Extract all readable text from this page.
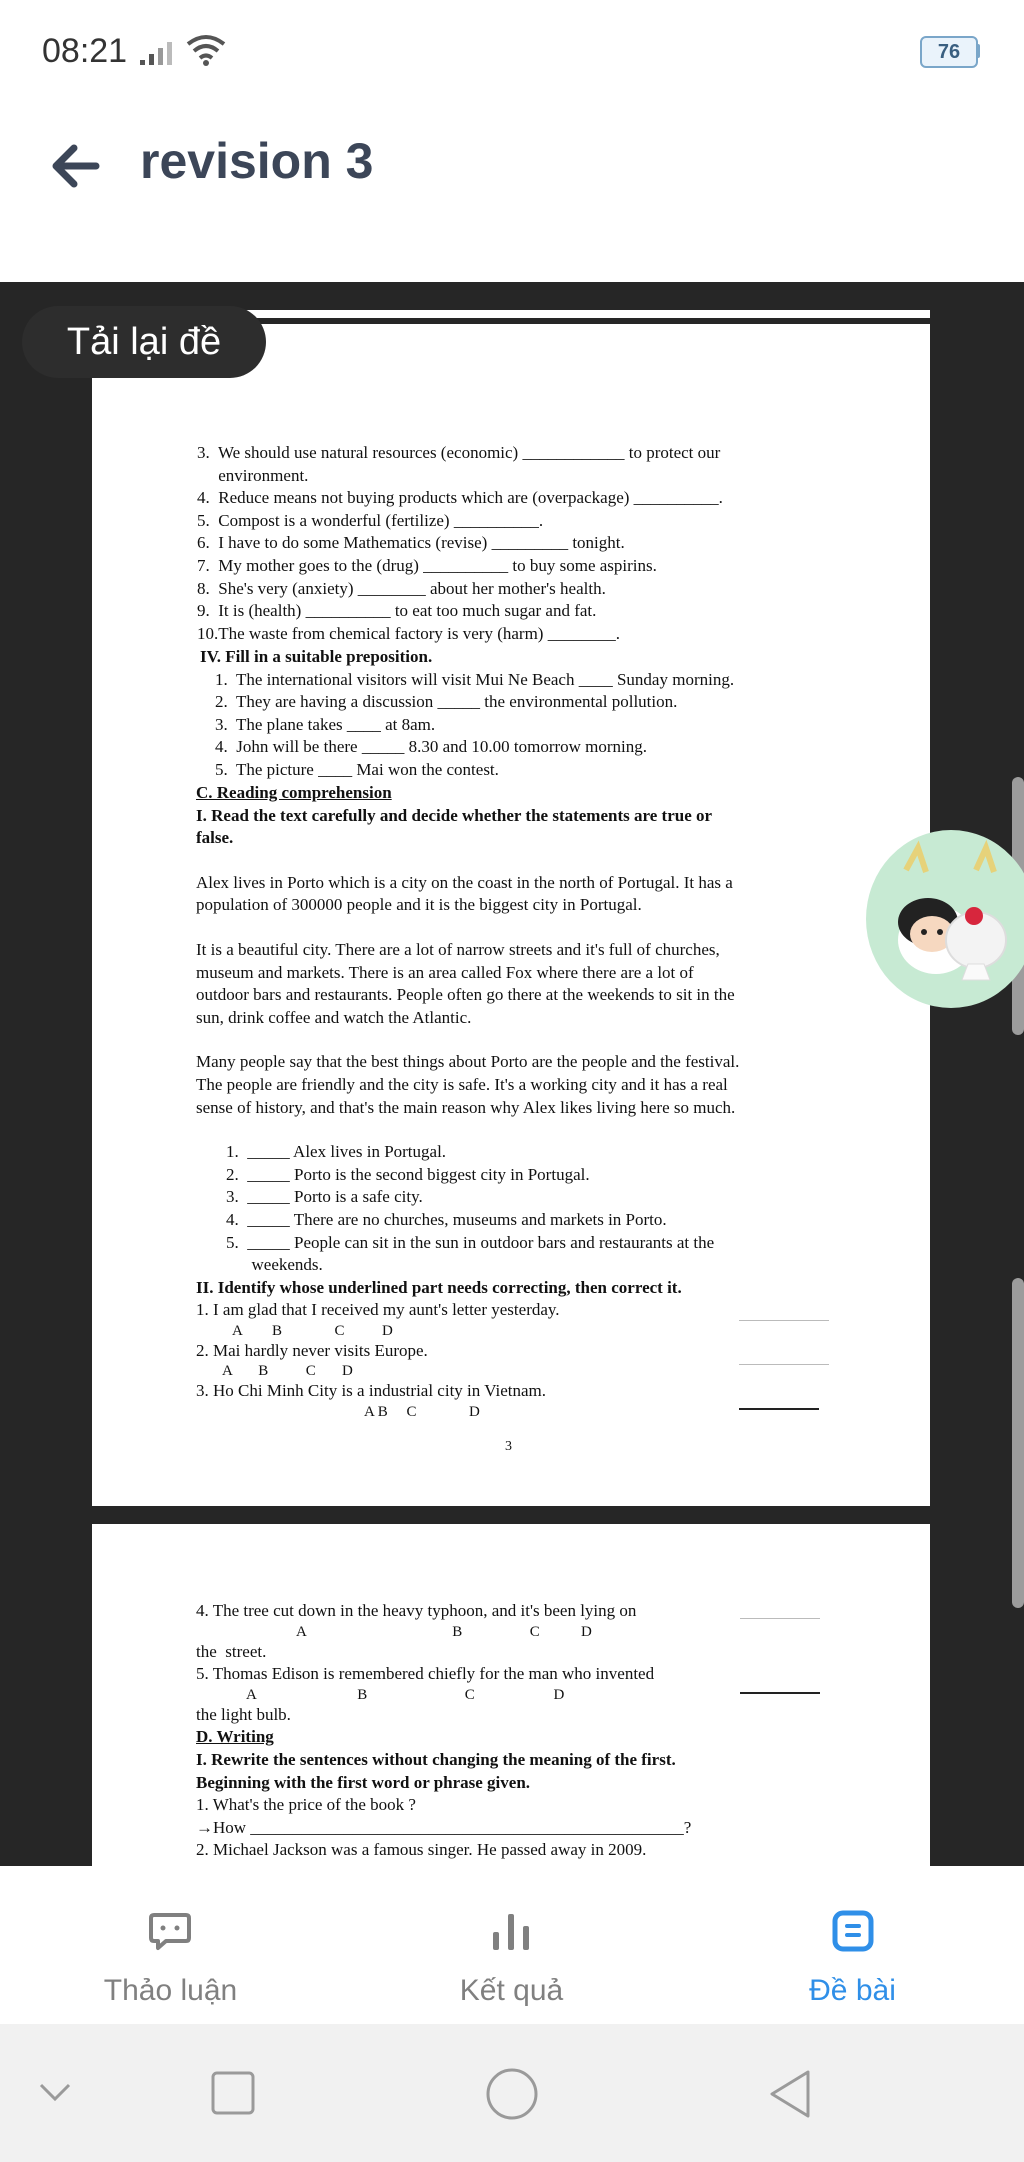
08:21	76
revision 3
3.  We should use natural resources (economic) ____________ to protect our
environment.
4.  Reduce means not buying products which are (overpackage) __________.
5.  Compost is a wonderful (fertilize) __________.
6.  I have to do some Mathematics (revise) _________ tonight.
7.  My mother goes to the (drug) __________ to buy some aspirins.
8.  She's very (anxiety) ________ about her mother's health.
9.  It is (health) __________ to eat too much sugar and fat.
10.The waste from chemical factory is very (harm) ________.
IV. Fill in a suitable preposition.
1.  The international visitors will visit Mui Ne Beach ____ Sunday morning.
2.  They are having a discussion _____ the environmental pollution.
3.  The plane takes ____ at 8am.
4.  John will be there _____ 8.30 and 10.00 tomorrow morning.
5.  The picture ____ Mai won the contest.
C. Reading comprehension
I. Read the text carefully and decide whether the statements are true or
false.
Alex lives in Porto which is a city on the coast in the north of Portugal. It has a
population of 300000 people and it is the biggest city in Portugal.
It is a beautiful city. There are a lot of narrow streets and it's full of churches,
museum and markets. There is an area called Fox where there are a lot of
outdoor bars and restaurants. People often go there at the weekends to sit in the
sun, drink coffee and watch the Atlantic.
Many people say that the best things about Porto are the people and the festival.
The people are friendly and the city is safe. It's a working city and it has a real
sense of history, and that's the main reason why Alex likes living here so much.
1.  _____ Alex lives in Portugal.
2.  _____ Porto is the second biggest city in Portugal.
3.  _____ Porto is a safe city.
4.  _____ There are no churches, museums and markets in Porto.
5.  _____ People can sit in the sun in outdoor bars and restaurants at the
weekends.
II. Identify whose underlined part needs correcting, then correct it.
1. I am glad that I received my aunt's letter yesterday.
A        B              C          D
2. Mai hardly never visits Europe.
A       B          C       D
3. Ho Chi Minh City is a industrial city in Vietnam.
A B     C              D
3
4. The tree cut down in the heavy typhoon, and it's been lying on
A                                       B                  C           D
the  street.
5. Thomas Edison is remembered chiefly for the man who invented
A                           B                          C                     D
the light bulb.
D. Writing
I. Rewrite the sentences without changing the meaning of the first.
Beginning with the first word or phrase given.
1. What's the price of the book ?
→How ___________________________________________________?
2. Michael Jackson was a famous singer. He passed away in 2009.
Tải lại đề
Thảo luận	Kết quả	Đề bài
